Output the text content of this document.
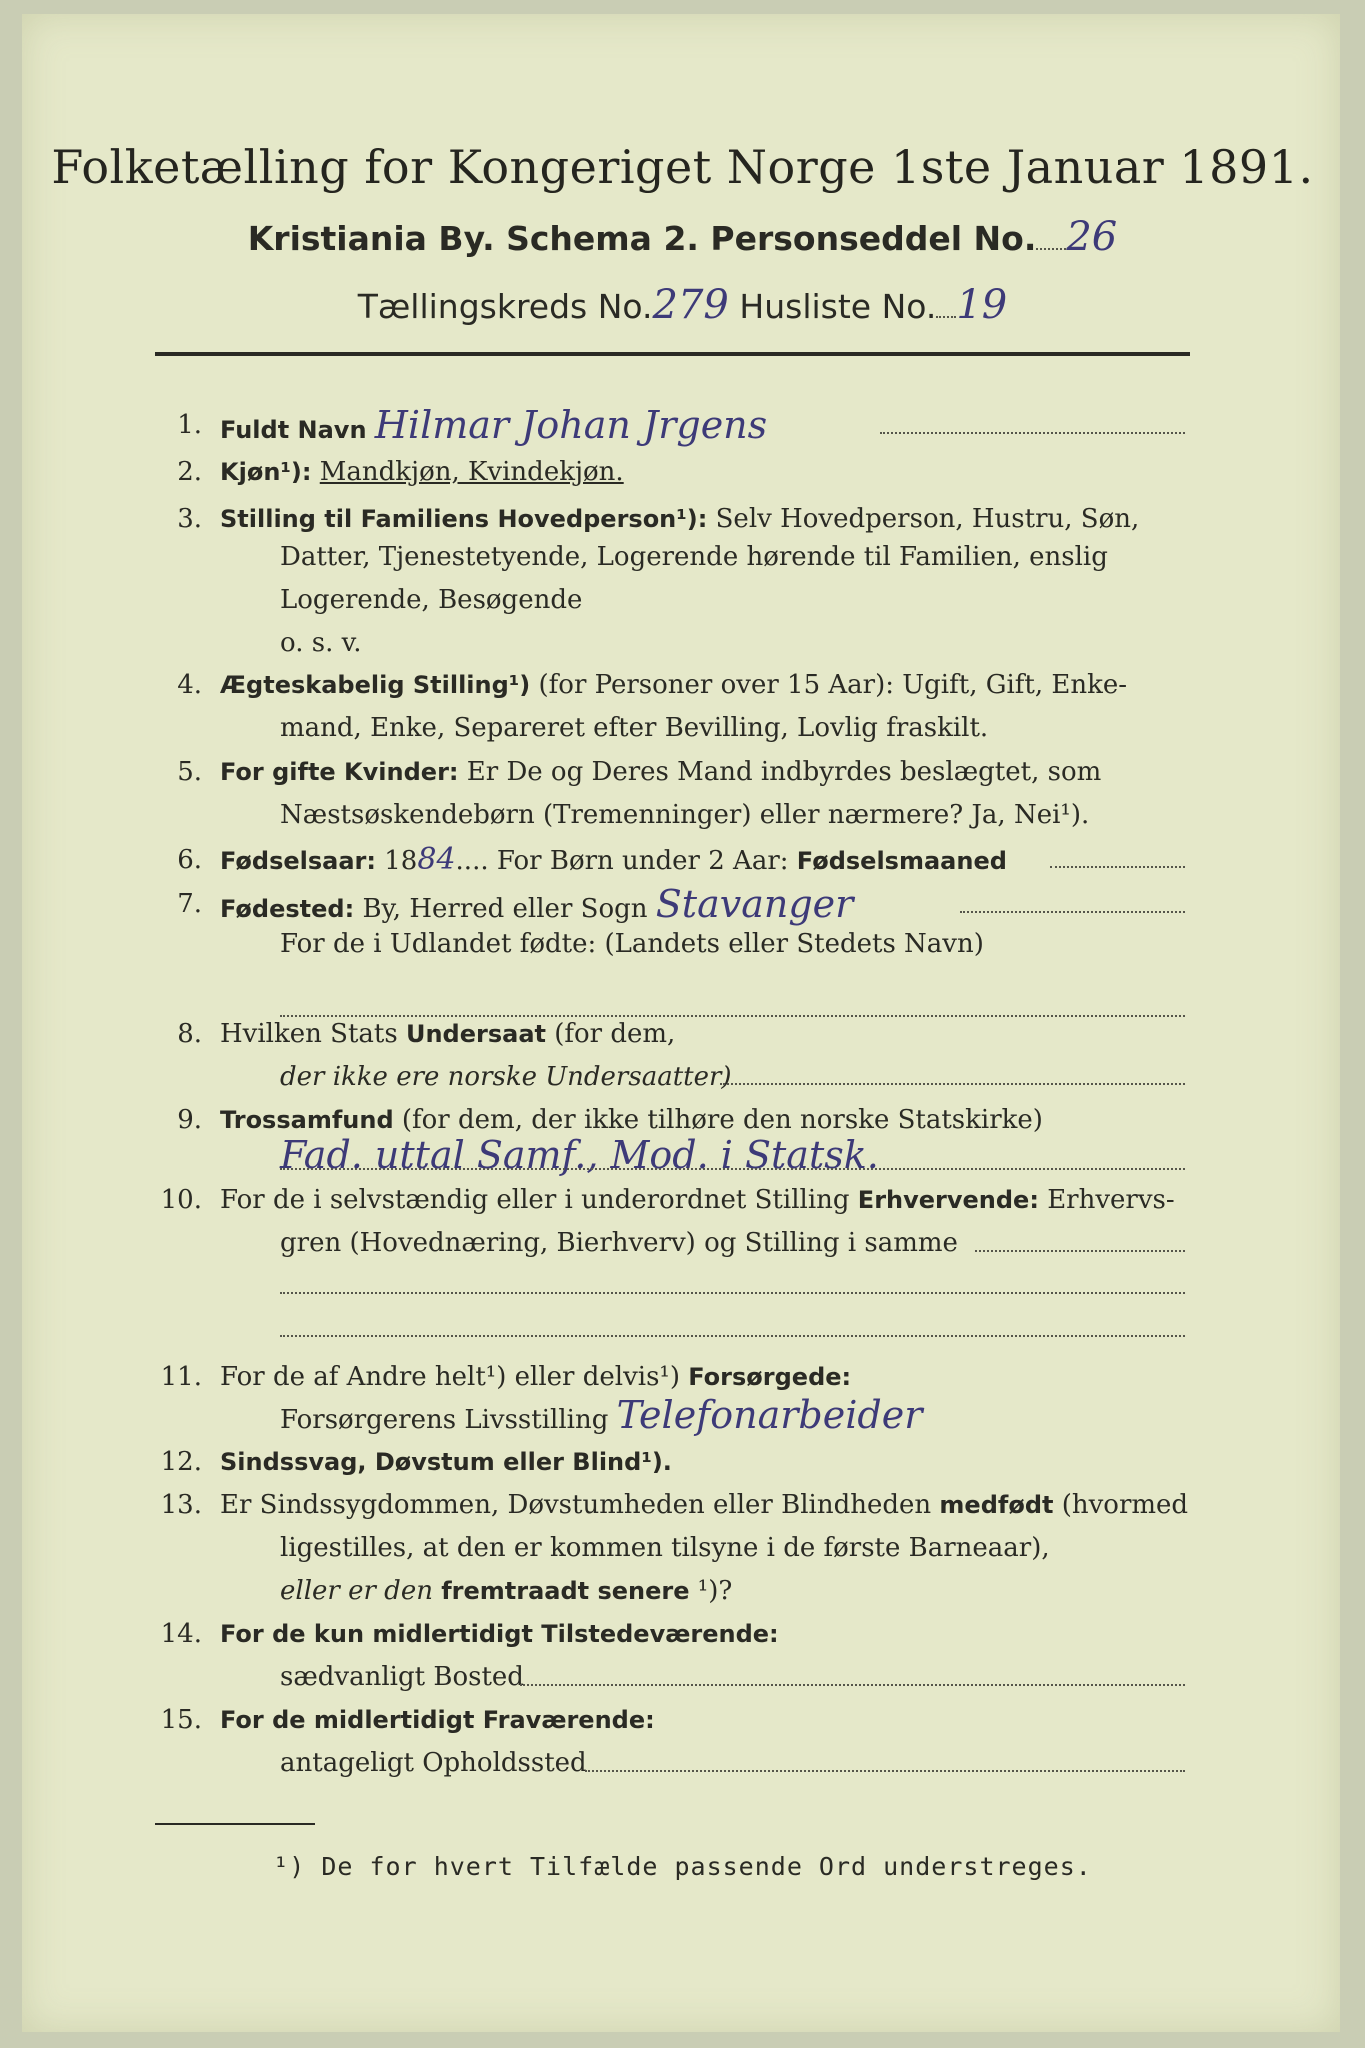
Folketælling for Kongeriget Norge 1ste Januar 1891.
Kristiania By. Schema 2. Personseddel No. 26
Tællingskreds No.279 Husliste No. 19
1. Fuldt Navn Hilmar Johan Jrgens
2. Kjøn¹): Mandkjøn, Kvindekjøn.
3. Stilling til Familiens Hovedperson¹): Selv Hovedperson, Hustru, Søn,
Datter, Tjenestetyende, Logerende hørende til Familien, enslig
Logerende, Besøgende
o. s. v.
4. Ægteskabelig Stilling¹) (for Personer over 15 Aar): Ugift, Gift, Enke-
mand, Enke, Separeret efter Bevilling, Lovlig fraskilt.
5. For gifte Kvinder: Er De og Deres Mand indbyrdes beslægtet, som
Næstsøskendebørn (Tremenninger) eller nærmere? Ja, Nei¹).
6. Fødselsaar: 1884.... For Børn under 2 Aar: Fødselsmaaned
7. Fødested: By, Herred eller Sogn Stavanger
For de i Udlandet fødte: (Landets eller Stedets Navn)
8. Hvilken Stats Undersaat (for dem,
der ikke ere norske Undersaatter)
9. Trossamfund (for dem, der ikke tilhøre den norske Statskirke)
Fad. uttal Samf., Mod. i Statsk.
10. For de i selvstændig eller i underordnet Stilling Erhvervende: Erhvervs-
gren (Hovednæring, Bierhverv) og Stilling i samme
11. For de af Andre helt¹) eller delvis¹) Forsørgede:
Forsørgerens Livsstilling Telefonarbeider
12. Sindssvag, Døvstum eller Blind¹).
13. Er Sindssygdommen, Døvstumheden eller Blindheden medfødt (hvormed
ligestilles, at den er kommen tilsyne i de første Barneaar),
eller er den fremtraadt senere ¹)?
14. For de kun midlertidigt Tilstedeværende:
sædvanligt Bosted
15. For de midlertidigt Fraværende:
antageligt Opholdssted
¹) De for hvert Tilfælde passende Ord understreges.
